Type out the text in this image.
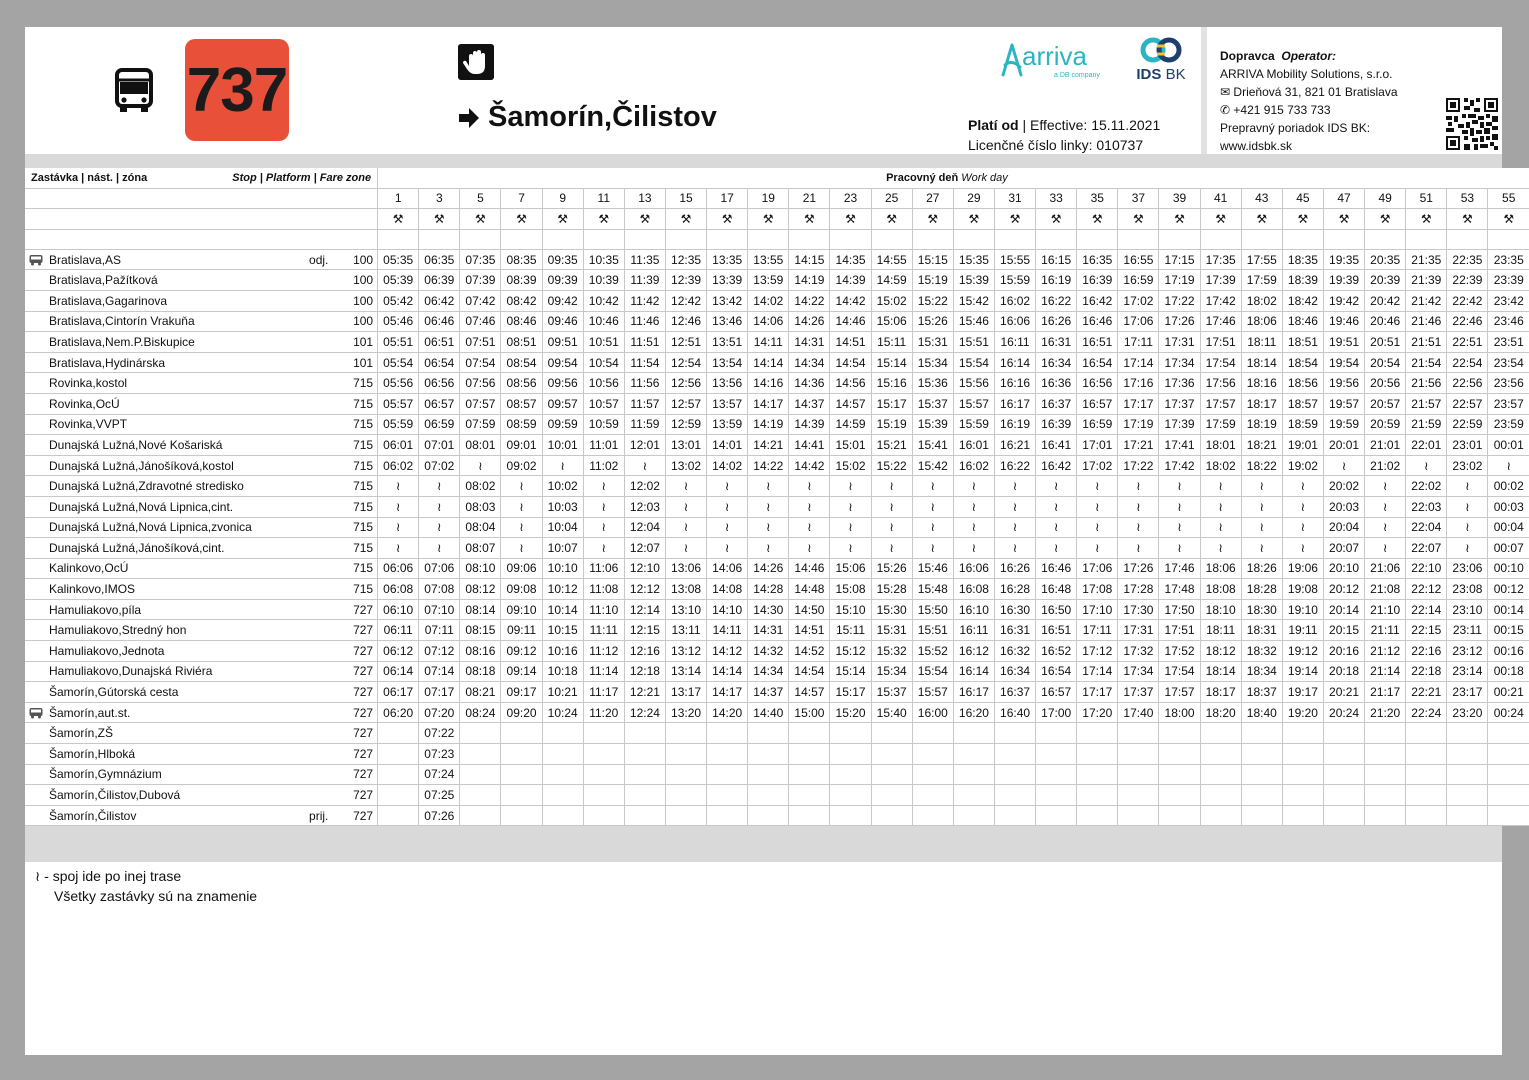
737	Šamorín,Čilistov
arriva
a DB company IDS BK
Platí od | Effective: 15.11.2021
Licenčné číslo linky: 010737
Dopravca Operator:
ARRIVA Mobility Solutions, s.r.o.
✉ Drieňová 31, 821 01 Bratislava
✆ +421 915 733 733
Prepravný poriadok IDS BK:
www.idsbk.sk
Zastávka | nást. | zóna Stop | Platform | Fare zone			Pracovný deň Work day																											
			1	3	5	7	9	11	13	15	17	19	21	23	25	27	29	31	33	35	37	39	41	43	45	47	49	51	53	55
			⚒	⚒	⚒	⚒	⚒	⚒	⚒	⚒	⚒	⚒	⚒	⚒	⚒	⚒	⚒	⚒	⚒	⚒	⚒	⚒	⚒	⚒	⚒	⚒	⚒	⚒	⚒	⚒

Bratislava,AS	odj.	100	05:35	06:35	07:35	08:35	09:35	10:35	11:35	12:35	13:35	13:55	14:15	14:35	14:55	15:15	15:35	15:55	16:15	16:35	16:55	17:15	17:35	17:55	18:35	19:35	20:35	21:35	22:35	23:35
Bratislava,Pažítková		100	05:39	06:39	07:39	08:39	09:39	10:39	11:39	12:39	13:39	13:59	14:19	14:39	14:59	15:19	15:39	15:59	16:19	16:39	16:59	17:19	17:39	17:59	18:39	19:39	20:39	21:39	22:39	23:39
Bratislava,Gagarinova		100	05:42	06:42	07:42	08:42	09:42	10:42	11:42	12:42	13:42	14:02	14:22	14:42	15:02	15:22	15:42	16:02	16:22	16:42	17:02	17:22	17:42	18:02	18:42	19:42	20:42	21:42	22:42	23:42
Bratislava,Cintorín Vrakuňa		100	05:46	06:46	07:46	08:46	09:46	10:46	11:46	12:46	13:46	14:06	14:26	14:46	15:06	15:26	15:46	16:06	16:26	16:46	17:06	17:26	17:46	18:06	18:46	19:46	20:46	21:46	22:46	23:46
Bratislava,Nem.P.Biskupice		101	05:51	06:51	07:51	08:51	09:51	10:51	11:51	12:51	13:51	14:11	14:31	14:51	15:11	15:31	15:51	16:11	16:31	16:51	17:11	17:31	17:51	18:11	18:51	19:51	20:51	21:51	22:51	23:51
Bratislava,Hydinárska		101	05:54	06:54	07:54	08:54	09:54	10:54	11:54	12:54	13:54	14:14	14:34	14:54	15:14	15:34	15:54	16:14	16:34	16:54	17:14	17:34	17:54	18:14	18:54	19:54	20:54	21:54	22:54	23:54
Rovinka,kostol		715	05:56	06:56	07:56	08:56	09:56	10:56	11:56	12:56	13:56	14:16	14:36	14:56	15:16	15:36	15:56	16:16	16:36	16:56	17:16	17:36	17:56	18:16	18:56	19:56	20:56	21:56	22:56	23:56
Rovinka,OcÚ		715	05:57	06:57	07:57	08:57	09:57	10:57	11:57	12:57	13:57	14:17	14:37	14:57	15:17	15:37	15:57	16:17	16:37	16:57	17:17	17:37	17:57	18:17	18:57	19:57	20:57	21:57	22:57	23:57
Rovinka,VVPT		715	05:59	06:59	07:59	08:59	09:59	10:59	11:59	12:59	13:59	14:19	14:39	14:59	15:19	15:39	15:59	16:19	16:39	16:59	17:19	17:39	17:59	18:19	18:59	19:59	20:59	21:59	22:59	23:59
Dunajská Lužná,Nové Košariská		715	06:01	07:01	08:01	09:01	10:01	11:01	12:01	13:01	14:01	14:21	14:41	15:01	15:21	15:41	16:01	16:21	16:41	17:01	17:21	17:41	18:01	18:21	19:01	20:01	21:01	22:01	23:01	00:01
Dunajská Lužná,Jánošíková,kostol		715	06:02	07:02	≀	09:02	≀	11:02	≀	13:02	14:02	14:22	14:42	15:02	15:22	15:42	16:02	16:22	16:42	17:02	17:22	17:42	18:02	18:22	19:02	≀	21:02	≀	23:02	≀
Dunajská Lužná,Zdravotné stredisko		715	≀	≀	08:02	≀	10:02	≀	12:02	≀	≀	≀	≀	≀	≀	≀	≀	≀	≀	≀	≀	≀	≀	≀	≀	20:02	≀	22:02	≀	00:02
Dunajská Lužná,Nová Lipnica,cint.		715	≀	≀	08:03	≀	10:03	≀	12:03	≀	≀	≀	≀	≀	≀	≀	≀	≀	≀	≀	≀	≀	≀	≀	≀	20:03	≀	22:03	≀	00:03
Dunajská Lužná,Nová Lipnica,zvonica		715	≀	≀	08:04	≀	10:04	≀	12:04	≀	≀	≀	≀	≀	≀	≀	≀	≀	≀	≀	≀	≀	≀	≀	≀	20:04	≀	22:04	≀	00:04
Dunajská Lužná,Jánošíková,cint.		715	≀	≀	08:07	≀	10:07	≀	12:07	≀	≀	≀	≀	≀	≀	≀	≀	≀	≀	≀	≀	≀	≀	≀	≀	20:07	≀	22:07	≀	00:07
Kalinkovo,OcÚ		715	06:06	07:06	08:10	09:06	10:10	11:06	12:10	13:06	14:06	14:26	14:46	15:06	15:26	15:46	16:06	16:26	16:46	17:06	17:26	17:46	18:06	18:26	19:06	20:10	21:06	22:10	23:06	00:10
Kalinkovo,IMOS		715	06:08	07:08	08:12	09:08	10:12	11:08	12:12	13:08	14:08	14:28	14:48	15:08	15:28	15:48	16:08	16:28	16:48	17:08	17:28	17:48	18:08	18:28	19:08	20:12	21:08	22:12	23:08	00:12
Hamuliakovo,píla		727	06:10	07:10	08:14	09:10	10:14	11:10	12:14	13:10	14:10	14:30	14:50	15:10	15:30	15:50	16:10	16:30	16:50	17:10	17:30	17:50	18:10	18:30	19:10	20:14	21:10	22:14	23:10	00:14
Hamuliakovo,Stredný hon		727	06:11	07:11	08:15	09:11	10:15	11:11	12:15	13:11	14:11	14:31	14:51	15:11	15:31	15:51	16:11	16:31	16:51	17:11	17:31	17:51	18:11	18:31	19:11	20:15	21:11	22:15	23:11	00:15
Hamuliakovo,Jednota		727	06:12	07:12	08:16	09:12	10:16	11:12	12:16	13:12	14:12	14:32	14:52	15:12	15:32	15:52	16:12	16:32	16:52	17:12	17:32	17:52	18:12	18:32	19:12	20:16	21:12	22:16	23:12	00:16
Hamuliakovo,Dunajská Riviéra		727	06:14	07:14	08:18	09:14	10:18	11:14	12:18	13:14	14:14	14:34	14:54	15:14	15:34	15:54	16:14	16:34	16:54	17:14	17:34	17:54	18:14	18:34	19:14	20:18	21:14	22:18	23:14	00:18
Šamorín,Gútorská cesta		727	06:17	07:17	08:21	09:17	10:21	11:17	12:21	13:17	14:17	14:37	14:57	15:17	15:37	15:57	16:17	16:37	16:57	17:17	17:37	17:57	18:17	18:37	19:17	20:21	21:17	22:21	23:17	00:21
Šamorín,aut.st.		727	06:20	07:20	08:24	09:20	10:24	11:20	12:24	13:20	14:20	14:40	15:00	15:20	15:40	16:00	16:20	16:40	17:00	17:20	17:40	18:00	18:20	18:40	19:20	20:24	21:20	22:24	23:20	00:24
Šamorín,ZŠ		727		07:22																										
Šamorín,Hlboká		727		07:23																										
Šamorín,Gymnázium		727		07:24																										
Šamorín,Čilistov,Dubová		727		07:25																										
Šamorín,Čilistov	prij.	727		07:26																										
≀ - spoj ide po inej trase
Všetky zastávky sú na znamenie
